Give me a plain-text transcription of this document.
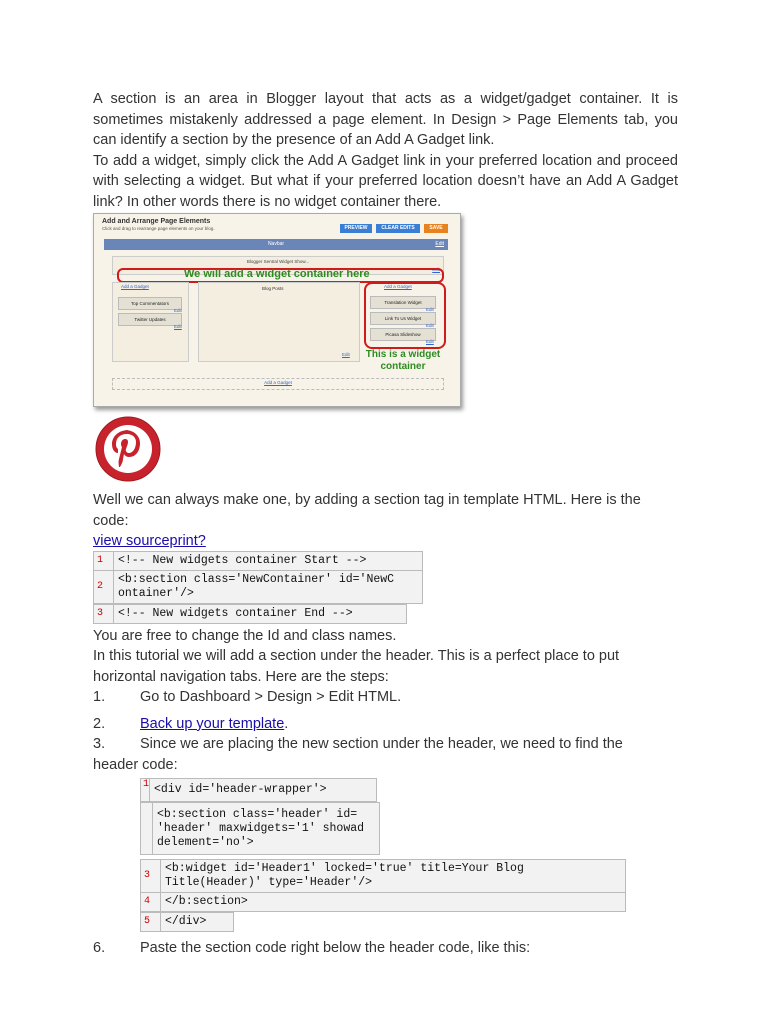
A section is an area in Blogger layout that acts as a widget/gadget container. It is sometimes mistakenly addressed a page element. In Design > Page Elements tab, you can identify a section by the presence of an Add A Gadget link.

To add a widget, simply click the Add A Gadget link in your preferred location and proceed with selecting a widget. But what if your preferred location doesn’t have an Add A Gadget link? In other words there is no widget container there.

Add and Arrange Page Elements
Click and drag to rearrange page elements on your blog.	PREVIEW	CLEAR EDITS	SAVE
Navbar	Edit
Blogger Sentral Widget Show...
Edit
We will add a widget container here
Add a Gadget	Blog Posts	Add a Gadget
Top Commentators
Edit
Twitter Updates
Edit
Translation Widget
Edit
Link To Us Widget
Edit
Picasa Slideshow
Edit
Edit	This is a widget
container
Add a Gadget

Well we can always make one, by adding a section tag in template HTML. Here is the code:

view sourceprint?
1	<!-- New widgets container Start -->
2	<b:section class='NewContainer' id='NewC
ontainer'/>
3	<!-- New widgets container End -->

You are free to change the Id and class names.

In this tutorial we will add a section under the header. This is a perfect place to put horizontal navigation tabs. Here are the steps:

1. Go to Dashboard > Design > Edit HTML.

2. Back up your template.

3. Since we are placing the new section under the header, we need to find the
header code:

1	<div id='header-wrapper'>

<b:section class='header' id=
'header' maxwidgets='1' showad
delement='no'>
3	<b:widget id='Header1' locked='true' title=Your Blog
Title(Header)' type='Header'/>

4	</b:section>
5	</div>

6. Paste the section code right below the header code, like this:
